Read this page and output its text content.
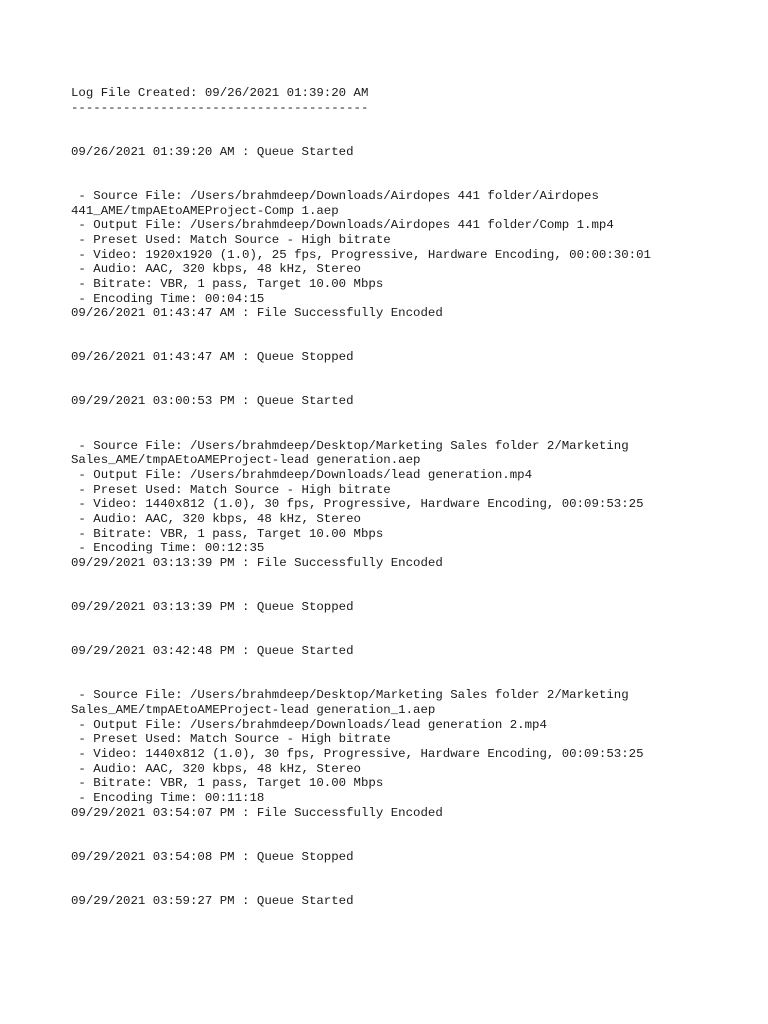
Log File Created: 09/26/2021 01:39:20 AM
----------------------------------------
09/26/2021 01:39:20 AM : Queue Started
- Source File: /Users/brahmdeep/Downloads/Airdopes 441 folder/Airdopes
441_AME/tmpAEtoAMEProject-Comp 1.aep
- Output File: /Users/brahmdeep/Downloads/Airdopes 441 folder/Comp 1.mp4
- Preset Used: Match Source - High bitrate
- Video: 1920x1920 (1.0), 25 fps, Progressive, Hardware Encoding, 00:00:30:01
- Audio: AAC, 320 kbps, 48 kHz, Stereo
- Bitrate: VBR, 1 pass, Target 10.00 Mbps
- Encoding Time: 00:04:15
09/26/2021 01:43:47 AM : File Successfully Encoded
09/26/2021 01:43:47 AM : Queue Stopped
09/29/2021 03:00:53 PM : Queue Started
- Source File: /Users/brahmdeep/Desktop/Marketing Sales folder 2/Marketing
Sales_AME/tmpAEtoAMEProject-lead generation.aep
- Output File: /Users/brahmdeep/Downloads/lead generation.mp4
- Preset Used: Match Source - High bitrate
- Video: 1440x812 (1.0), 30 fps, Progressive, Hardware Encoding, 00:09:53:25
- Audio: AAC, 320 kbps, 48 kHz, Stereo
- Bitrate: VBR, 1 pass, Target 10.00 Mbps
- Encoding Time: 00:12:35
09/29/2021 03:13:39 PM : File Successfully Encoded
09/29/2021 03:13:39 PM : Queue Stopped
09/29/2021 03:42:48 PM : Queue Started
- Source File: /Users/brahmdeep/Desktop/Marketing Sales folder 2/Marketing
Sales_AME/tmpAEtoAMEProject-lead generation_1.aep
- Output File: /Users/brahmdeep/Downloads/lead generation 2.mp4
- Preset Used: Match Source - High bitrate
- Video: 1440x812 (1.0), 30 fps, Progressive, Hardware Encoding, 00:09:53:25
- Audio: AAC, 320 kbps, 48 kHz, Stereo
- Bitrate: VBR, 1 pass, Target 10.00 Mbps
- Encoding Time: 00:11:18
09/29/2021 03:54:07 PM : File Successfully Encoded
09/29/2021 03:54:08 PM : Queue Stopped
09/29/2021 03:59:27 PM : Queue Started
